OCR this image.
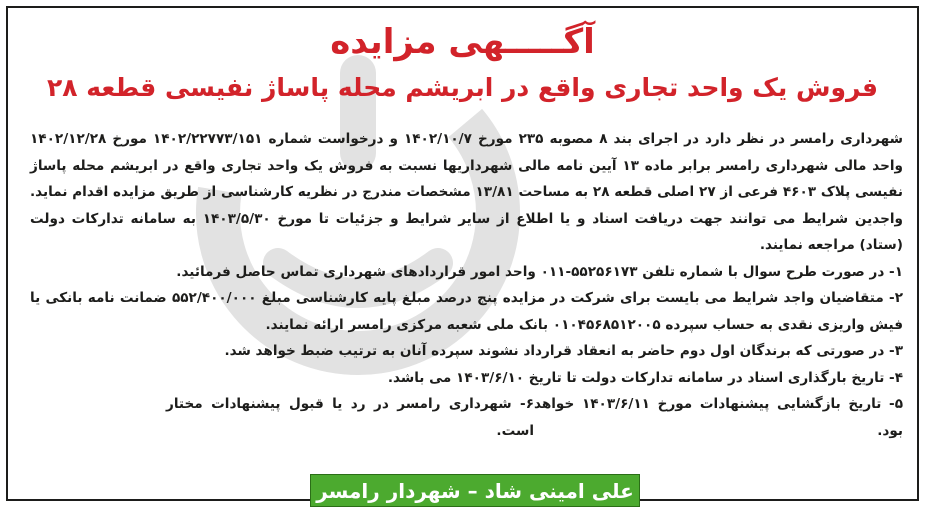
آگـــــهی مزایده
فروش یک واحد تجاری واقع در ابریشم محله پاساژ نفیسی قطعه ۲۸

شهرداری رامسر در نظر دارد در اجرای بند ۸ مصوبه ۲۳۵ مورخ ۱۴۰۲/۱۰/۷ و درخواست شماره ۱۴۰۲/۲۲۷۷۳/۱۵۱ مورخ ۱۴۰۲/۱۲/۲۸ واحد مالی شهرداری رامسر برابر ماده ۱۳ آیین نامه مالی شهرداریها نسبت به فروش یک واحد تجاری واقع در ابریشم محله پاساژ نفیسی پلاک ۴۶۰۳ فرعی از ۲۷ اصلی قطعه ۲۸ به مساحت ۱۳/۸۱ مشخصات مندرج در نظریه کارشناسی از طریق مزایده اقدام نماید. واجدین شرایط می توانند جهت دریافت اسناد و یا اطلاع از سایر شرایط و جزئیات تا مورخ ۱۴۰۳/۵/۳۰ به سامانه تدارکات دولت (ستاد) مراجعه نمایند.

۱- در صورت طرح سوال با شماره تلفن ۵۵۲۵۶۱۷۳-۰۱۱ واحد امور قراردادهای شهرداری تماس حاصل فرمائید.

۲- متقاضیان واجد شرایط می بایست برای شرکت در مزایده پنج درصد مبلغ پایه کارشناسی مبلغ ۵۵۲/۴۰۰/۰۰۰ ضمانت نامه بانکی یا فیش واریزی نقدی به حساب سپرده ۰۱۰۴۵۶۸۵۱۲۰۰۵ بانک ملی شعبه مرکزی رامسر ارائه نمایند.

۳- در صورتی که برندگان اول دوم حاضر به انعقاد قرارداد نشوند سپرده آنان به ترتیب ضبط خواهد شد.

۴- تاریخ بارگذاری اسناد در سامانه تدارکات دولت تا تاریخ ۱۴۰۳/۶/۱۰ می باشد.

۵- تاریخ بازگشایی پیشنهادات مورخ ۱۴۰۳/۶/۱۱ خواهد بود.
۶- شهرداری رامسر در رد یا قبول پیشنهادات مختار است.
علی امینی شاد – شهردار رامسر
